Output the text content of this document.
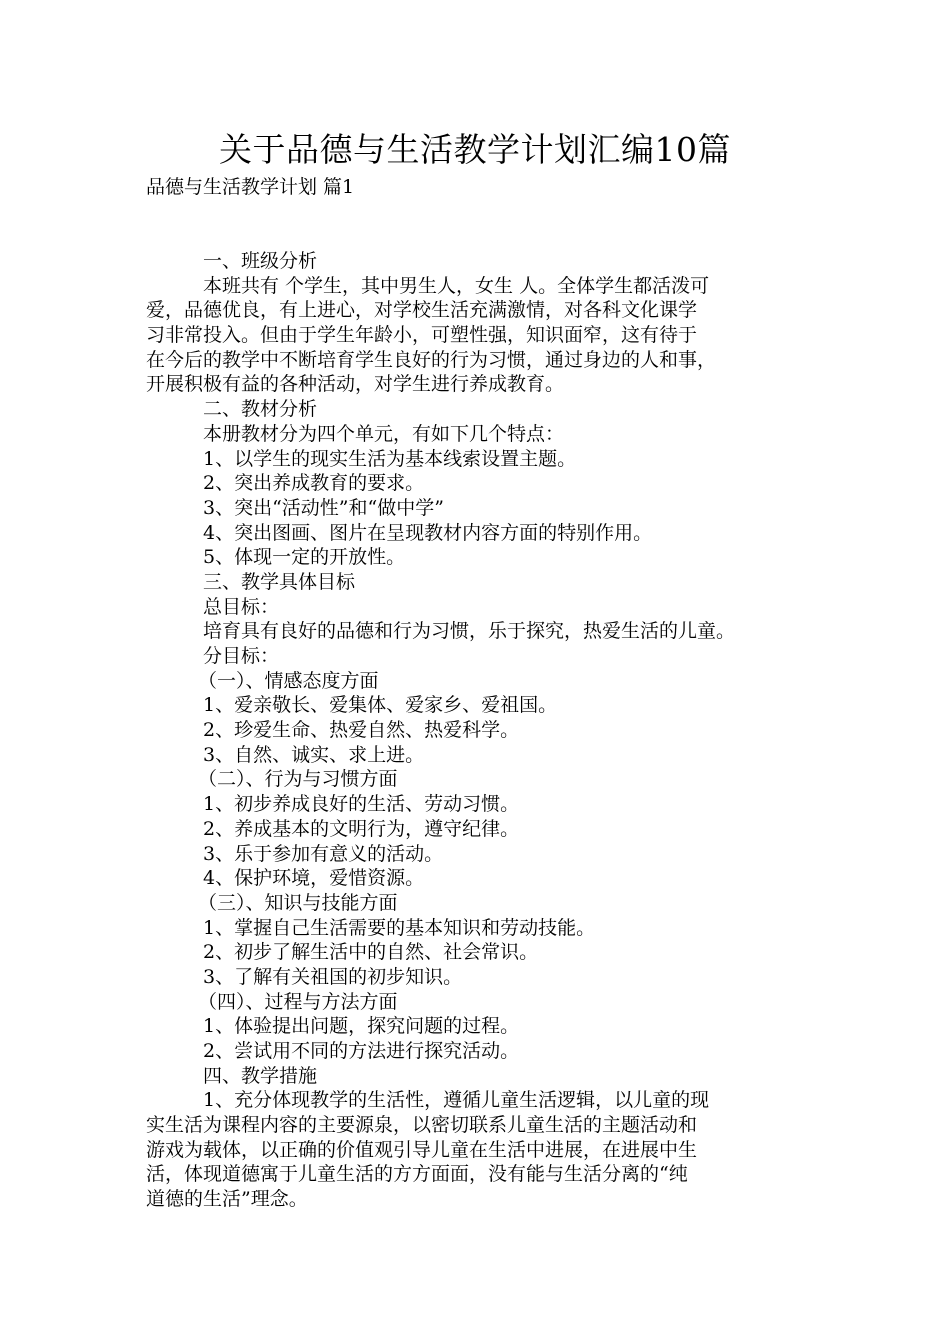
关于品德与生活教学计划汇编10篇
品德与生活教学计划 篇1
一、班级分析
本班共有 个学生，其中男生人，女生 人。全体学生都活泼可
爱，品德优良，有上进心，对学校生活充满激情，对各科文化课学
习非常投入。但由于学生年龄小，可塑性强，知识面窄，这有待于
在今后的教学中不断培育学生良好的行为习惯，通过身边的人和事，
开展积极有益的各种活动，对学生进行养成教育。
二、教材分析
本册教材分为四个单元，有如下几个特点：
1、以学生的现实生活为基本线索设置主题。
2、突出养成教育的要求。
3、突出“活动性”和“做中学”
4、突出图画、图片在呈现教材内容方面的特别作用。
5、体现一定的开放性。
三、教学具体目标
总目标：
培育具有良好的品德和行为习惯，乐于探究，热爱生活的儿童。
分目标：
（一）、情感态度方面
1、爱亲敬长、爱集体、爱家乡、爱祖国。
2、珍爱生命、热爱自然、热爱科学。
3、自然、诚实、求上进。
（二）、行为与习惯方面
1、初步养成良好的生活、劳动习惯。
2、养成基本的文明行为，遵守纪律。
3、乐于参加有意义的活动。
4、保护环境，爱惜资源。
（三）、知识与技能方面
1、掌握自己生活需要的基本知识和劳动技能。
2、初步了解生活中的自然、社会常识。
3、了解有关祖国的初步知识。
（四）、过程与方法方面
1、体验提出问题，探究问题的过程。
2、尝试用不同的方法进行探究活动。
四、教学措施
1、充分体现教学的生活性，遵循儿童生活逻辑，以儿童的现
实生活为课程内容的主要源泉，以密切联系儿童生活的主题活动和
游戏为载体，以正确的价值观引导儿童在生活中进展，在进展中生
活，体现道德寓于儿童生活的方方面面，没有能与生活分离的“纯
道德的生活”理念。
